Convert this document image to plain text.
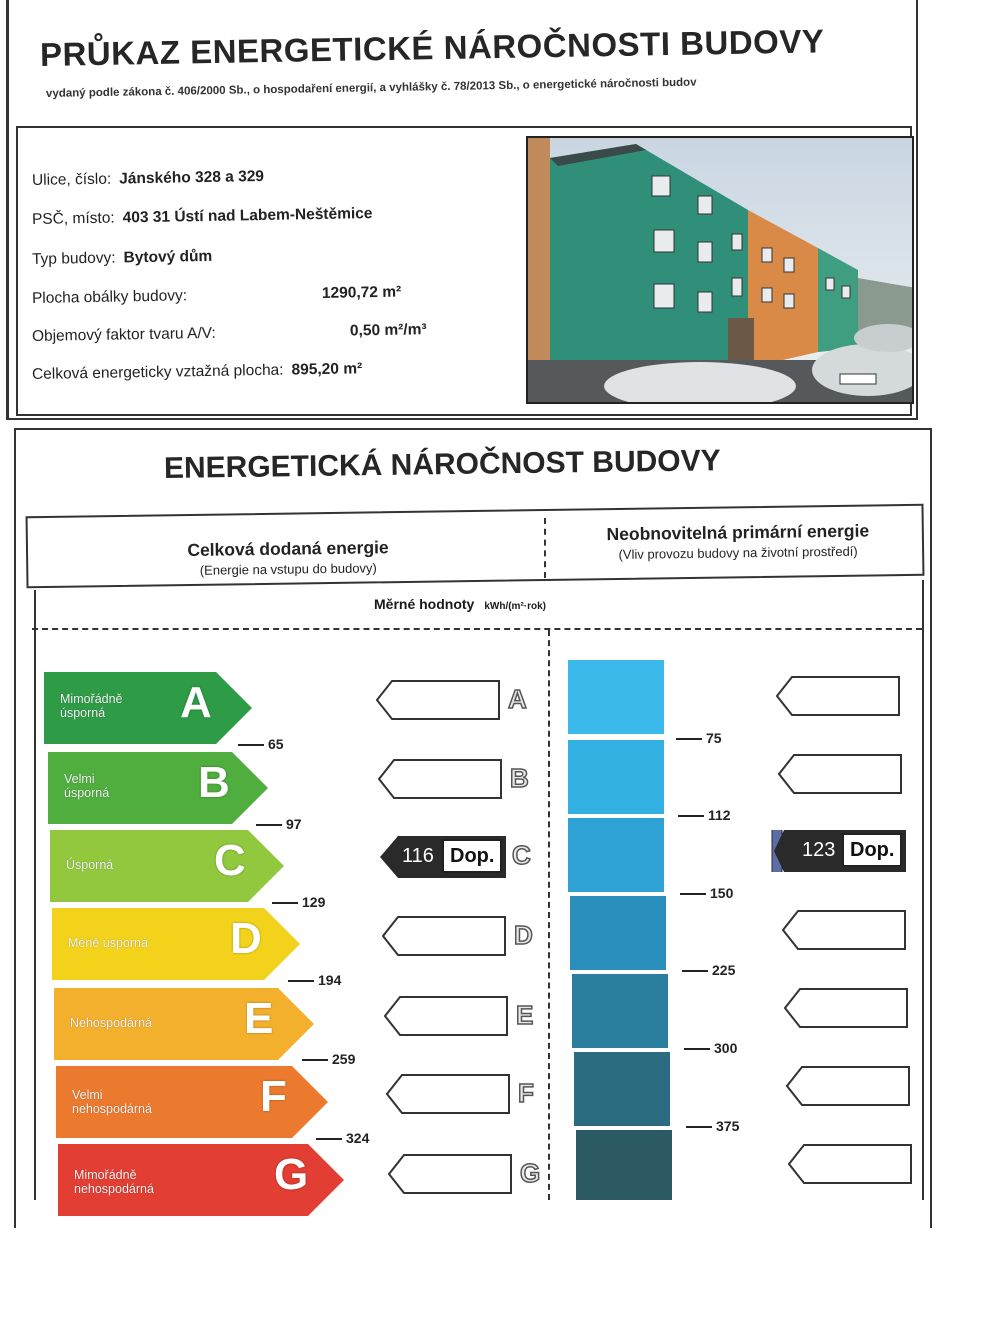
PRŮKAZ ENERGETICKÉ NÁROČNOSTI BUDOVY
vydaný podle zákona č. 406/2000 Sb., o hospodaření energií, a vyhlášky č. 78/2013 Sb., o energetické náročnosti budov
Ulice, číslo: Jánského 328 a 329
PSČ, místo: 403 31 Ústí nad Labem-Neštěmice
Typ budovy: Bytový dům
Plocha obálky budovy:	1290,72 m²
Objemový faktor tvaru A/V:	0,50 m²/m³
Celková energeticky vztažná plocha: 895,20 m²
ENERGETICKÁ NÁROČNOST BUDOVY
Celková dodaná energie
(Energie na vstupu do budovy)
Neobnovitelná primární energie
(Vliv provozu budovy na životní prostředí)
Měrné hodnoty kWh/(m²·rok)
Mimořádně
úsporná	A
65
Velmi
úsporná B
97
Úsporná C
129
Méně úsporná D
194
Nehospodárná E
259
Velmi
nehospodárná F
324
Mimořádně
nehospodárná	G
A
B
116 Dop. C
D
E
F
G
75
112
150
225
300
375
123 Dop.
